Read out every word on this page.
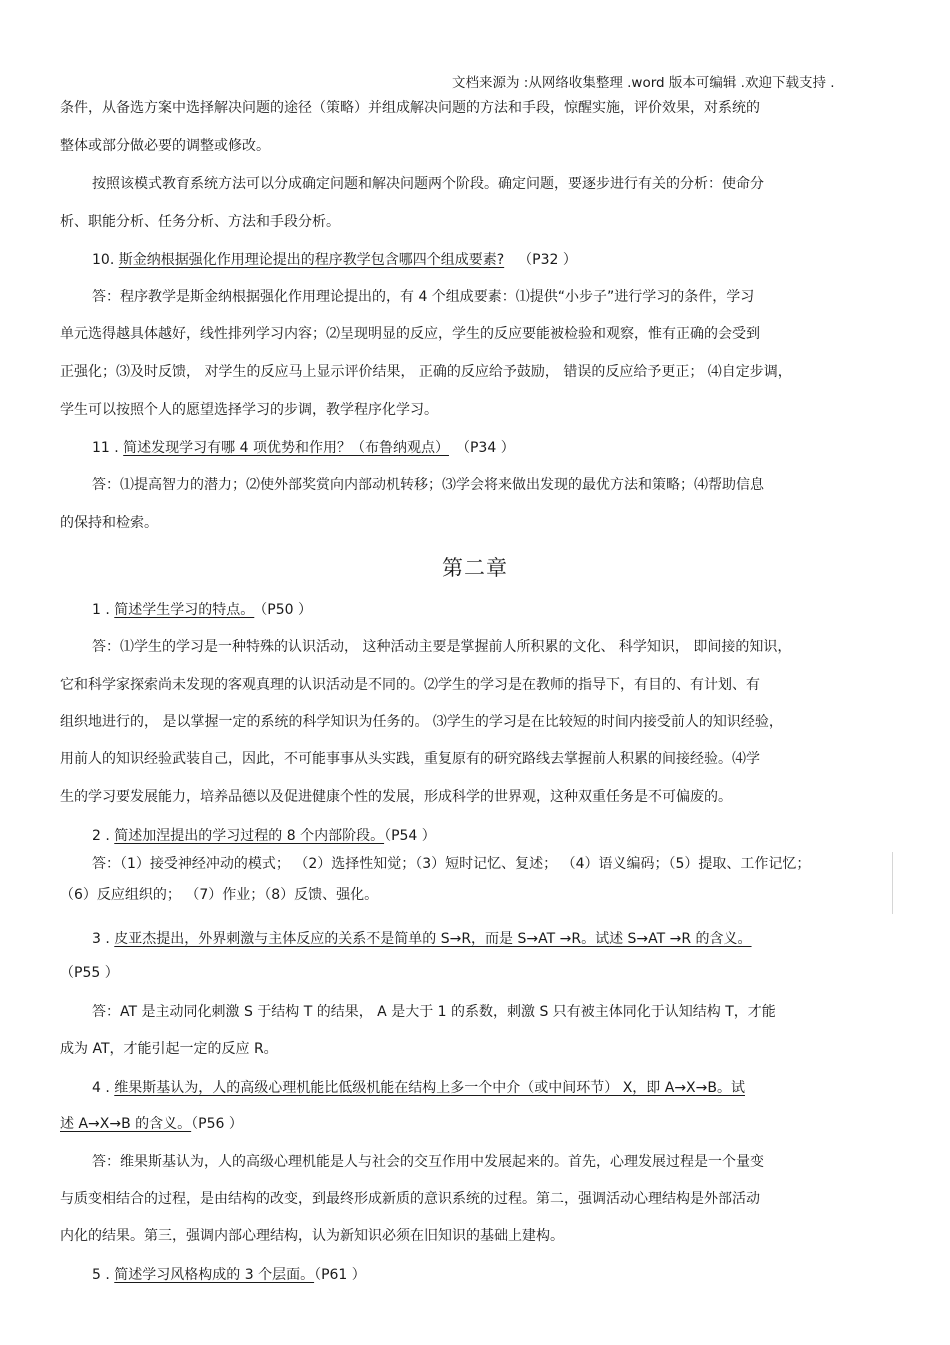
文档来源为 :从网络收集整理 .word 版本可编辑 .欢迎下载支持 .
条件，从备选方案中选择解决问题的途径（策略）并组成解决问题的方法和手段，惊醒实施，评价效果，对系统的
整体或部分做必要的调整或修改。
按照该模式教育系统方法可以分成确定问题和解决问题两个阶段。确定问题，要逐步进行有关的分析：使命分
析、职能分析、任务分析、方法和手段分析。
10. 斯金纳根据强化作用理论提出的程序教学包含哪四个组成要素? （P32 ）
答：程序教学是斯金纳根据强化作用理论提出的，有 4 个组成要素：⑴提供“小步子”进行学习的条件，学习
单元选得越具体越好，线性排列学习内容；⑵呈现明显的反应，学生的反应要能被检验和观察，惟有正确的会受到
正强化；⑶及时反馈， 对学生的反应马上显示评价结果， 正确的反应给予鼓励， 错误的反应给予更正； ⑷自定步调，
学生可以按照个人的愿望选择学习的步调，教学程序化学习。
11 . 简述发现学习有哪 4 项优势和作用？（布鲁纳观点） （P34 ）
答：⑴提高智力的潜力；⑵使外部奖赏向内部动机转移；⑶学会将来做出发现的最优方法和策略；⑷帮助信息
的保持和检索。
第二章
1 . 简述学生学习的特点。 （P50 ）
答：⑴学生的学习是一种特殊的认识活动， 这种活动主要是掌握前人所积累的文化、 科学知识， 即间接的知识，
它和科学家探索尚未发现的客观真理的认识活动是不同的。⑵学生的学习是在教师的指导下，有目的、有计划、有
组织地进行的， 是以掌握一定的系统的科学知识为任务的。 ⑶学生的学习是在比较短的时间内接受前人的知识经验，
用前人的知识经验武装自己，因此，不可能事事从头实践，重复原有的研究路线去掌握前人积累的间接经验。⑷学
生的学习要发展能力，培养品德以及促进健康个性的发展，形成科学的世界观，这种双重任务是不可偏废的。
2 . 简述加涅提出的学习过程的 8 个内部阶段。（P54 ）
答：（1）接受神经冲动的模式； （2）选择性知觉；（3）短时记忆、复述； （4）语义编码；（5）提取、工作记忆；
（6）反应组织的； （7）作业；（8）反馈、强化。
3 . 皮亚杰提出，外界刺激与主体反应的关系不是简单的 S→R，而是 S→AT →R。试述 S→AT →R 的含义。
（P55 ）
答：AT 是主动同化刺激 S 于结构 T 的结果， A 是大于 1 的系数，刺激 S 只有被主体同化于认知结构 T，才能
成为 AT，才能引起一定的反应 R。
4 . 维果斯基认为，人的高级心理机能比低级机能在结构上多一个中介（或中间环节） X，即 A→X→B。试
述 A→X→B 的含义。（P56 ）
答：维果斯基认为，人的高级心理机能是人与社会的交互作用中发展起来的。首先，心理发展过程是一个量变
与质变相结合的过程，是由结构的改变，到最终形成新质的意识系统的过程。第二，强调活动心理结构是外部活动
内化的结果。第三，强调内部心理结构，认为新知识必须在旧知识的基础上建构。
5 . 简述学习风格构成的 3 个层面。（P61 ）
